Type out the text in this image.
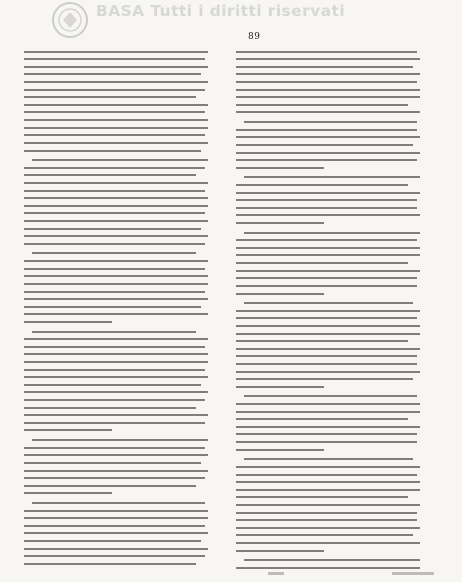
BASA Tutti i diritti riservati
89
